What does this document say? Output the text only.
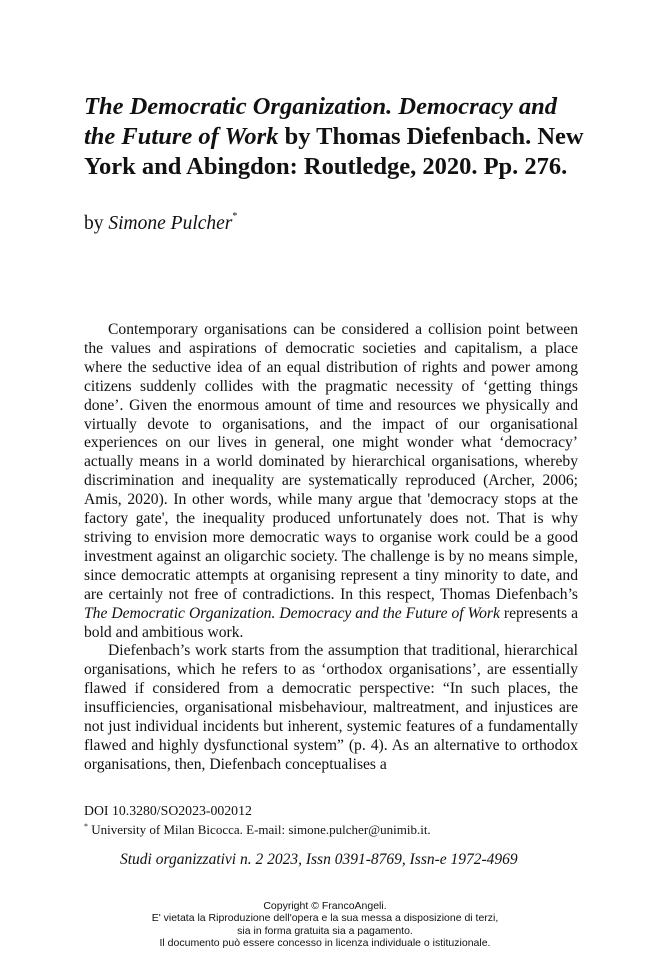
The Democratic Organization. Democracy and the Future of Work by Thomas Diefenbach. New York and Abingdon: Routledge, 2020. Pp. 276.
by Simone Pulcher*

Contemporary organisations can be considered a collision point between the values and aspirations of democratic societies and capitalism, a place where the seductive idea of an equal distribution of rights and power among citizens suddenly collides with the pragmatic necessity of ‘getting things done’. Given the enormous amount of time and resources we physically and virtually devote to organisations, and the impact of our organisational experiences on our lives in general, one might wonder what ‘democracy’ actually means in a world dominated by hierarchical organisations, whereby discrimination and inequality are systematically reproduced (Archer, 2006; Amis, 2020). In other words, while many argue that 'democracy stops at the factory gate', the inequality produced unfortunately does not. That is why striving to envision more democratic ways to organise work could be a good investment against an oligarchic society. The challenge is by no means simple, since democratic attempts at organising represent a tiny minority to date, and are certainly not free of contradictions. In this respect, Thomas Diefenbach’s The Democratic Organization. Democracy and the Future of Work represents a bold and ambitious work.

Diefenbach’s work starts from the assumption that traditional, hierarchical organisations, which he refers to as ‘orthodox organisations’, are essentially flawed if considered from a democratic perspective: “In such places, the insufficiencies, organisational misbehaviour, maltreatment, and injustices are not just individual incidents but inherent, systemic features of a fundamentally flawed and highly dysfunctional system” (p. 4). As an alternative to orthodox organisations, then, Diefenbach conceptualises a

DOI 10.3280/SO2023-002012
* University of Milan Bicocca. E-mail: simone.pulcher@unimib.it.
Studi organizzativi n. 2 2023, Issn 0391-8769, Issn-e 1972-4969
Copyright © FrancoAngeli.
E' vietata la Riproduzione dell'opera e la sua messa a disposizione di terzi,
sia in forma gratuita sia a pagamento.
Il documento può essere concesso in licenza individuale o istituzionale.
